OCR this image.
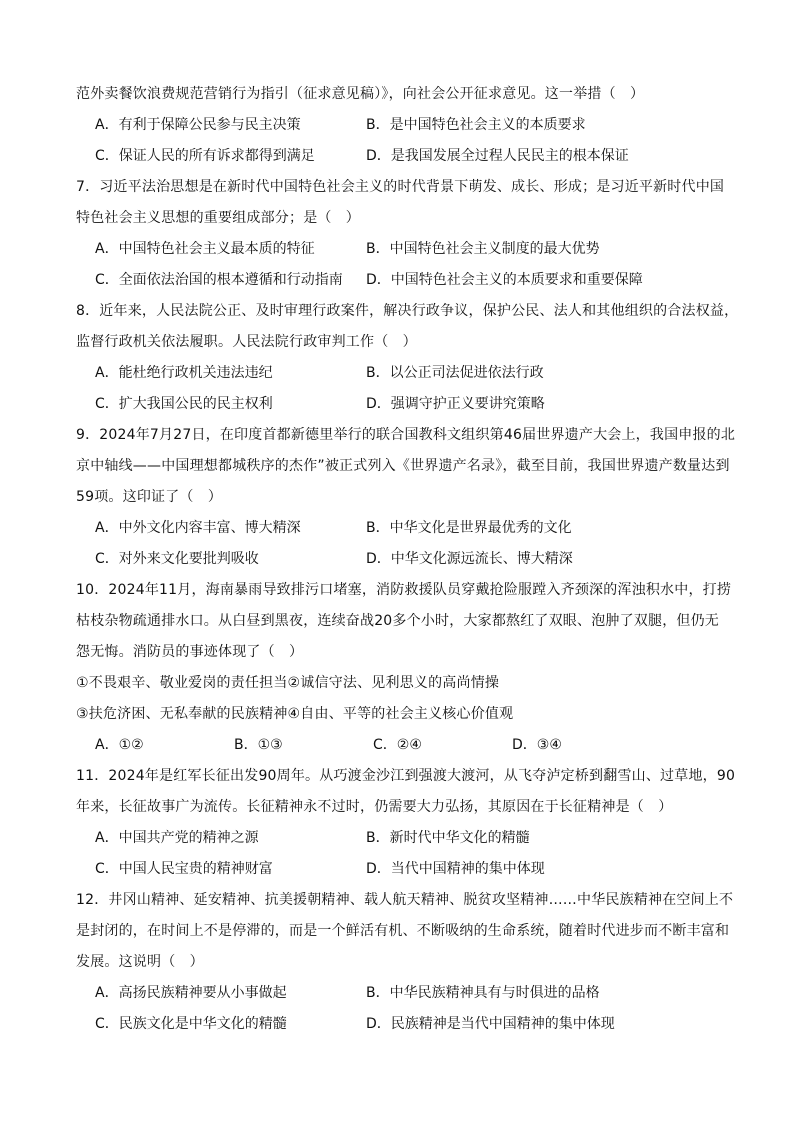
范外卖餐饮浪费规范营销行为指引（征求意见稿）》，向社会公开征求意见。这一举措（　）
A．有利于保障公民参与民主决策	B．是中国特色社会主义的本质要求
C．保证人民的所有诉求都得到满足	D．是我国发展全过程人民民主的根本保证
7．习近平法治思想是在新时代中国特色社会主义的时代背景下萌发、成长、形成；是习近平新时代中国
特色社会主义思想的重要组成部分；是（　）
A．中国特色社会主义最本质的特征	B．中国特色社会主义制度的最大优势
C．全面依法治国的根本遵循和行动指南	D．中国特色社会主义的本质要求和重要保障
8．近年来，人民法院公正、及时审理行政案件，解决行政争议，保护公民、法人和其他组织的合法权益，
监督行政机关依法履职。人民法院行政审判工作（　）
A．能杜绝行政机关违法违纪	B．以公正司法促进依法行政
C．扩大我国公民的民主权利	D．强调守护正义要讲究策略
9．2024年7月27日，在印度首都新德里举行的联合国教科文组织第46届世界遗产大会上，我国申报的北
京中轴线——中国理想都城秩序的杰作”被正式列入《世界遗产名录》，截至目前，我国世界遗产数量达到
59项。这印证了（　）
A．中外文化内容丰富、博大精深	B．中华文化是世界最优秀的文化
C．对外来文化要批判吸收	D．中华文化源远流长、博大精深
10．2024年11月，海南暴雨导致排污口堵塞，消防救援队员穿戴抢险服蹚入齐颈深的浑浊积水中，打捞
枯枝杂物疏通排水口。从白昼到黑夜，连续奋战20多个小时，大家都熬红了双眼、泡肿了双腿，但仍无
怨无悔。消防员的事迹体现了（　）
①不畏艰辛、敬业爱岗的责任担当②诚信守法、见利思义的高尚情操
③扶危济困、无私奉献的民族精神④自由、平等的社会主义核心价值观
A．①②	B．①③	C．②④	D．③④
11．2024年是红军长征出发90周年。从巧渡金沙江到强渡大渡河，从飞夺泸定桥到翻雪山、过草地，90
年来，长征故事广为流传。长征精神永不过时，仍需要大力弘扬，其原因在于长征精神是（　）
A．中国共产党的精神之源	B．新时代中华文化的精髓
C．中国人民宝贵的精神财富	D．当代中国精神的集中体现
12．井冈山精神、延安精神、抗美援朝精神、载人航天精神、脱贫攻坚精神……中华民族精神在空间上不
是封闭的，在时间上不是停滞的，而是一个鲜活有机、不断吸纳的生命系统，随着时代进步而不断丰富和
发展。这说明（　）
A．高扬民族精神要从小事做起	B．中华民族精神具有与时俱进的品格
C．民族文化是中华文化的精髓	D．民族精神是当代中国精神的集中体现
